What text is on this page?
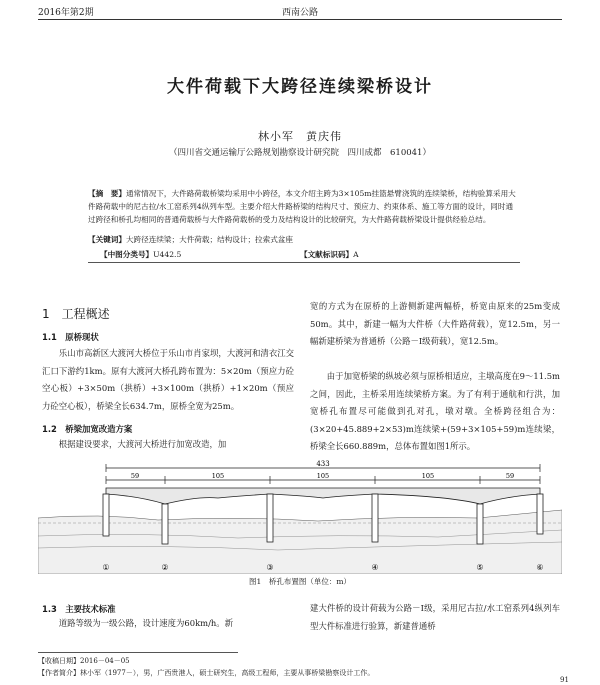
2016年第2期	西南公路
大件荷载下大跨径连续梁桥设计
林小军　黄庆伟
（四川省交通运输厅公路规划勘察设计研究院　四川成都　610041）
【摘　要】通常情况下，大件路荷载桥梁均采用中小跨径，本文介绍主跨为3×105m挂篮悬臂浇筑的连续梁桥，结构验算采用大件路荷载中的尼古拉/水工窑系列4纵列车型。主要介绍大件路桥梁的结构尺寸、预应力、约束体系、施工等方面的设计，同时通过跨径和桥孔均相同的普通荷载桥与大件路荷载桥的受力及结构设计的比较研究，为大件路荷载桥梁设计提供经验总结。
【关键词】大跨径连续梁；大件荷载；结构设计；拉索式盆座
【中图分类号】U442.5	【文献标识码】A
1　工程概述
1.1　原桥现状
乐山市高新区大渡河大桥位于乐山市肖家坝，大渡河和清衣江交汇口下游约1km。原有大渡河大桥孔跨布置为：5×20m（预应力砼空心板）+3×50m（拱桥）+3×100m（拱桥）+1×20m（预应力砼空心板），桥梁全长634.7m，原桥全宽为25m。
1.2　桥梁加宽改造方案
根据建设要求，大渡河大桥进行加宽改造，加
宽的方式为在原桥的上游侧新建两幅桥，桥宽由原来的25m变成50m。其中，新建一幅为大件桥（大件路荷载），宽12.5m，另一幅新建桥梁为普通桥（公路－Ⅰ级荷载），宽12.5m。
由于加宽桥梁的纵坡必须与原桥相适应，主墩高度在9～11.5m之间，因此，主桥采用连续梁桥方案。为了有利于通航和行洪，加宽桥孔布置尽可能做到孔对孔，墩对墩。全桥跨径组合为：(3×20+45.889+2×53)m连续梁+(59+3×105+59)m连续梁，桥梁全长660.889m，总体布置如图1所示。
433
59	105	105	105	59
①	②	③	④	⑤	⑥
图1　桥孔布置图（单位：m）
1.3　主要技术标准
道路等级为一级公路，设计速度为60km/h。新
建大件桥的设计荷载为公路－Ⅰ级，采用尼古拉/水工窑系列4纵列车型大件标准进行验算，新建普通桥
【收稿日期】2016－04－05
【作者简介】林小军（1977－），男，广西贵港人，硕士研究生，高级工程师，主要从事桥梁勘察设计工作。
91
